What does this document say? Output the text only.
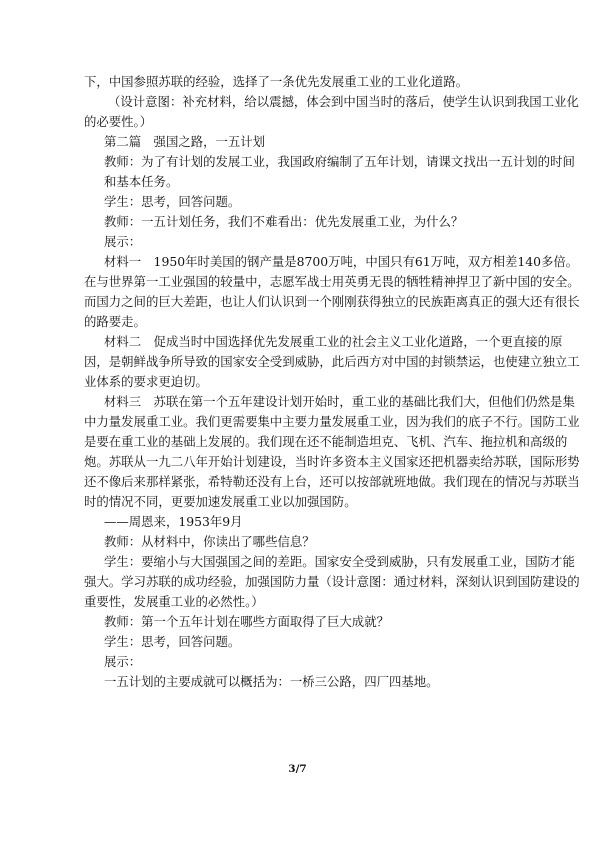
下，中国参照苏联的经验，选择了一条优先发展重工业的工业化道路。
（设计意图：补充材料，给以震撼，体会到中国当时的落后，使学生认识到我国工业化
的必要性。）
第二篇　强国之路，一五计划
教师：为了有计划的发展工业，我国政府编制了五年计划，请课文找出一五计划的时间
和基本任务。
学生：思考，回答问题。
教师：一五计划任务，我们不难看出：优先发展重工业，为什么？
展示：
材料一　1950年时美国的钢产量是8700万吨，中国只有61万吨，双方相差140多倍。
在与世界第一工业强国的较量中，志愿军战士用英勇无畏的牺牲精神捍卫了新中国的安全。
而国力之间的巨大差距，也让人们认识到一个刚刚获得独立的民族距离真正的强大还有很长
的路要走。
材料二　促成当时中国选择优先发展重工业的社会主义工业化道路，一个更直接的原
因，是朝鲜战争所导致的国家安全受到威胁，此后西方对中国的封锁禁运，也使建立独立工
业体系的要求更迫切。
材料三　苏联在第一个五年建设计划开始时，重工业的基础比我们大，但他们仍然是集
中力量发展重工业。我们更需要集中主要力量发展重工业，因为我们的底子不行。国防工业
是要在重工业的基础上发展的。我们现在还不能制造坦克、飞机、汽车、拖拉机和高级的
炮。苏联从一九二八年开始计划建设，当时许多资本主义国家还把机器卖给苏联，国际形势
还不像后来那样紧张，希特勒还没有上台，还可以按部就班地做。我们现在的情况与苏联当
时的情况不同，更要加速发展重工业以加强国防。
——周恩来，1953年9月
教师：从材料中，你读出了哪些信息？
学生：要缩小与大国强国之间的差距。国家安全受到威胁，只有发展重工业，国防才能
强大。学习苏联的成功经验，加强国防力量（设计意图：通过材料，深刻认识到国防建设的
重要性，发展重工业的必然性。）
教师：第一个五年计划在哪些方面取得了巨大成就？
学生：思考，回答问题。
展示：
一五计划的主要成就可以概括为：一桥三公路，四厂四基地。
3/7
